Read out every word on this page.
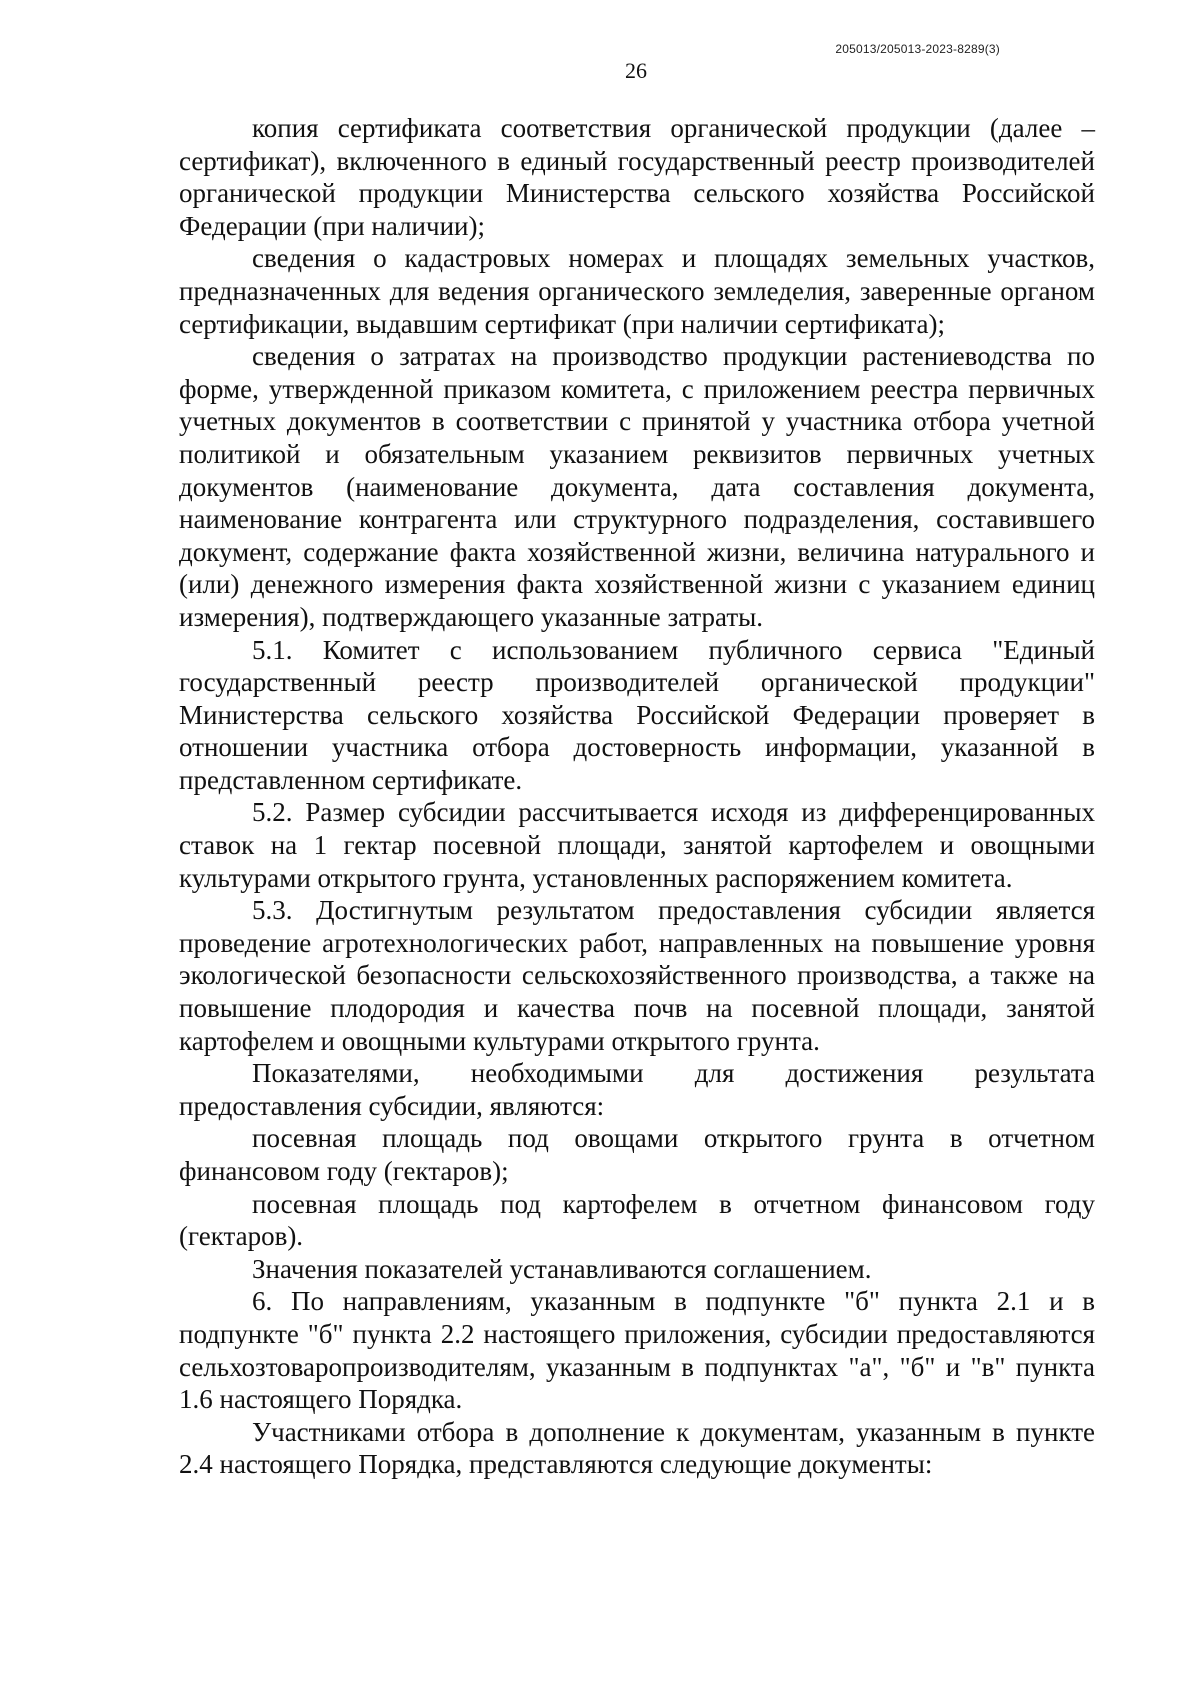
205013/205013-2023-8289(3)
26

копия сертификата соответствия органической продукции (далее – сертификат), включенного в единый государственный реестр производителей органической продукции Министерства сельского хозяйства Российской Федерации (при наличии);

сведения о кадастровых номерах и площадях земельных участков, предназначенных для ведения органического земледелия, заверенные органом сертификации, выдавшим сертификат (при наличии сертификата);

сведения о затратах на производство продукции растениеводства по форме, утвержденной приказом комитета, с приложением реестра первичных учетных документов в соответствии с принятой у участника отбора учетной политикой и обязательным указанием реквизитов первичных учетных документов (наименование документа, дата составления документа, наименование контрагента или структурного подразделения, составившего документ, содержание факта хозяйственной жизни, величина натурального и (или) денежного измерения факта хозяйственной жизни с указанием единиц измерения), подтверждающего указанные затраты.

5.1. Комитет с использованием публичного сервиса "Единый государственный реестр производителей органической продукции" Министерства сельского хозяйства Российской Федерации проверяет в отношении участника отбора достоверность информации, указанной в представленном сертификате.

5.2. Размер субсидии рассчитывается исходя из дифференцированных ставок на 1 гектар посевной площади, занятой картофелем и овощными культурами открытого грунта, установленных распоряжением комитета.

5.3. Достигнутым результатом предоставления субсидии является проведение агротехнологических работ, направленных на повышение уровня экологической безопасности сельскохозяйственного производства, а также на повышение плодородия и качества почв на посевной площади, занятой картофелем и овощными культурами открытого грунта.

Показателями, необходимыми для достижения результата предоставления субсидии, являются:

посевная площадь под овощами открытого грунта в отчетном финансовом году (гектаров);

посевная площадь под картофелем в отчетном финансовом году (гектаров).

Значения показателей устанавливаются соглашением.

6. По направлениям, указанным в подпункте "б" пункта 2.1 и в подпункте "б" пункта 2.2 настоящего приложения, субсидии предоставляются сельхозтоваропроизводителям, указанным в подпунктах "а", "б" и "в" пункта 1.6 настоящего Порядка.

Участниками отбора в дополнение к документам, указанным в пункте 2.4 настоящего Порядка, представляются следующие документы:
